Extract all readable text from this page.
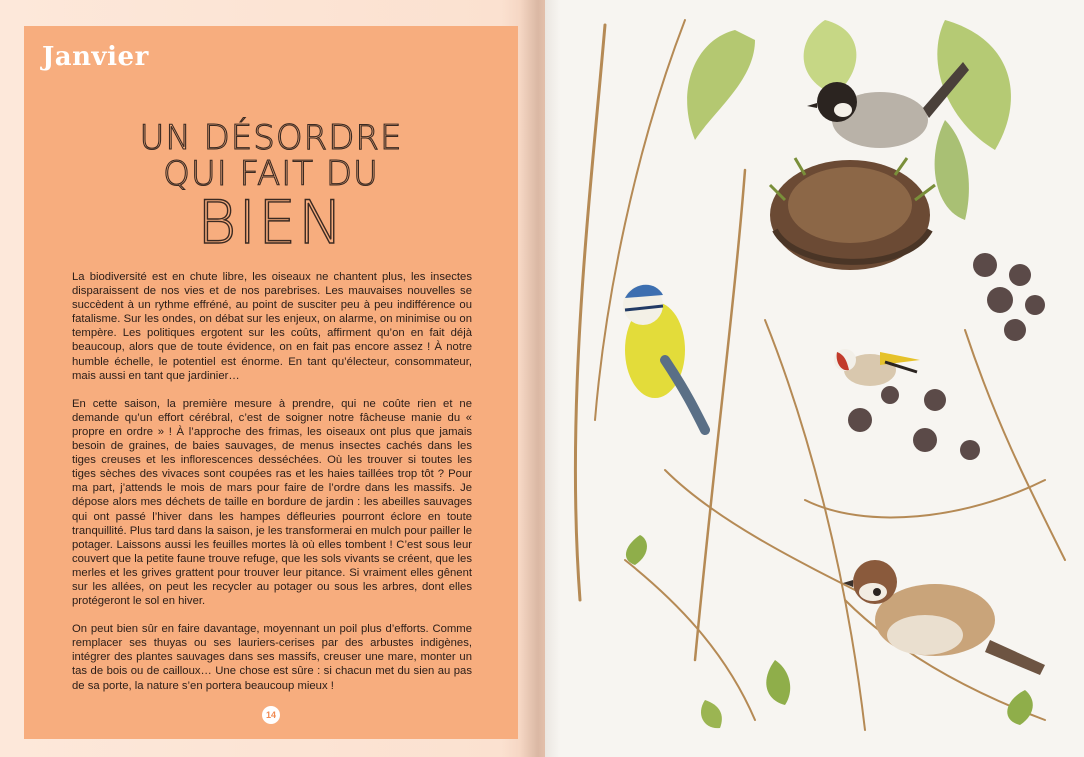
Janvier
UN DÉSORDRE
QUI FAIT DU
BIEN

La biodiversité est en chute libre, les oiseaux ne chantent plus, les insectes disparaissent de nos vies et de nos parebrises. Les mauvaises nouvelles se succèdent à un rythme effréné, au point de susciter peu à peu indifférence ou fatalisme. Sur les ondes, on débat sur les enjeux, on alarme, on minimise ou on tempère. Les politiques ergotent sur les coûts, affirment qu’on en fait déjà beaucoup, alors que de toute évidence, on en fait pas encore assez ! À notre humble échelle, le potentiel est énorme. En tant qu’électeur, consommateur, mais aussi en tant que jardinier…

En cette saison, la première mesure à prendre, qui ne coûte rien et ne demande qu’un effort cérébral, c’est de soigner notre fâcheuse manie du « propre en ordre » ! À l’approche des frimas, les oiseaux ont plus que jamais besoin de graines, de baies sauvages, de menus insectes cachés dans les tiges creuses et les inflorescences desséchées. Où les trouver si toutes les tiges sèches des vivaces sont coupées ras et les haies taillées trop tôt ? Pour ma part, j’attends le mois de mars pour faire de l’ordre dans les massifs. Je dépose alors mes déchets de taille en bordure de jardin : les abeilles sauvages qui ont passé l’hiver dans les hampes défleuries pourront éclore en toute tranquillité. Plus tard dans la saison, je les transformerai en mulch pour pailler le potager. Laissons aussi les feuilles mortes là où elles tombent ! C’est sous leur couvert que la petite faune trouve refuge, que les sols vivants se créent, que les merles et les grives grattent pour trouver leur pitance. Si vraiment elles gênent sur les allées, on peut les recycler au potager ou sous les arbres, dont elles protégeront le sol en hiver.

On peut bien sûr en faire davantage, moyennant un poil plus d’efforts. Comme remplacer ses thuyas ou ses lauriers-cerises par des arbustes indigènes, intégrer des plantes sauvages dans ses massifs, creuser une mare, monter un tas de bois ou de cailloux… Une chose est sûre : si chacun met du sien au pas de sa porte, la nature s’en portera beaucoup mieux !

14
